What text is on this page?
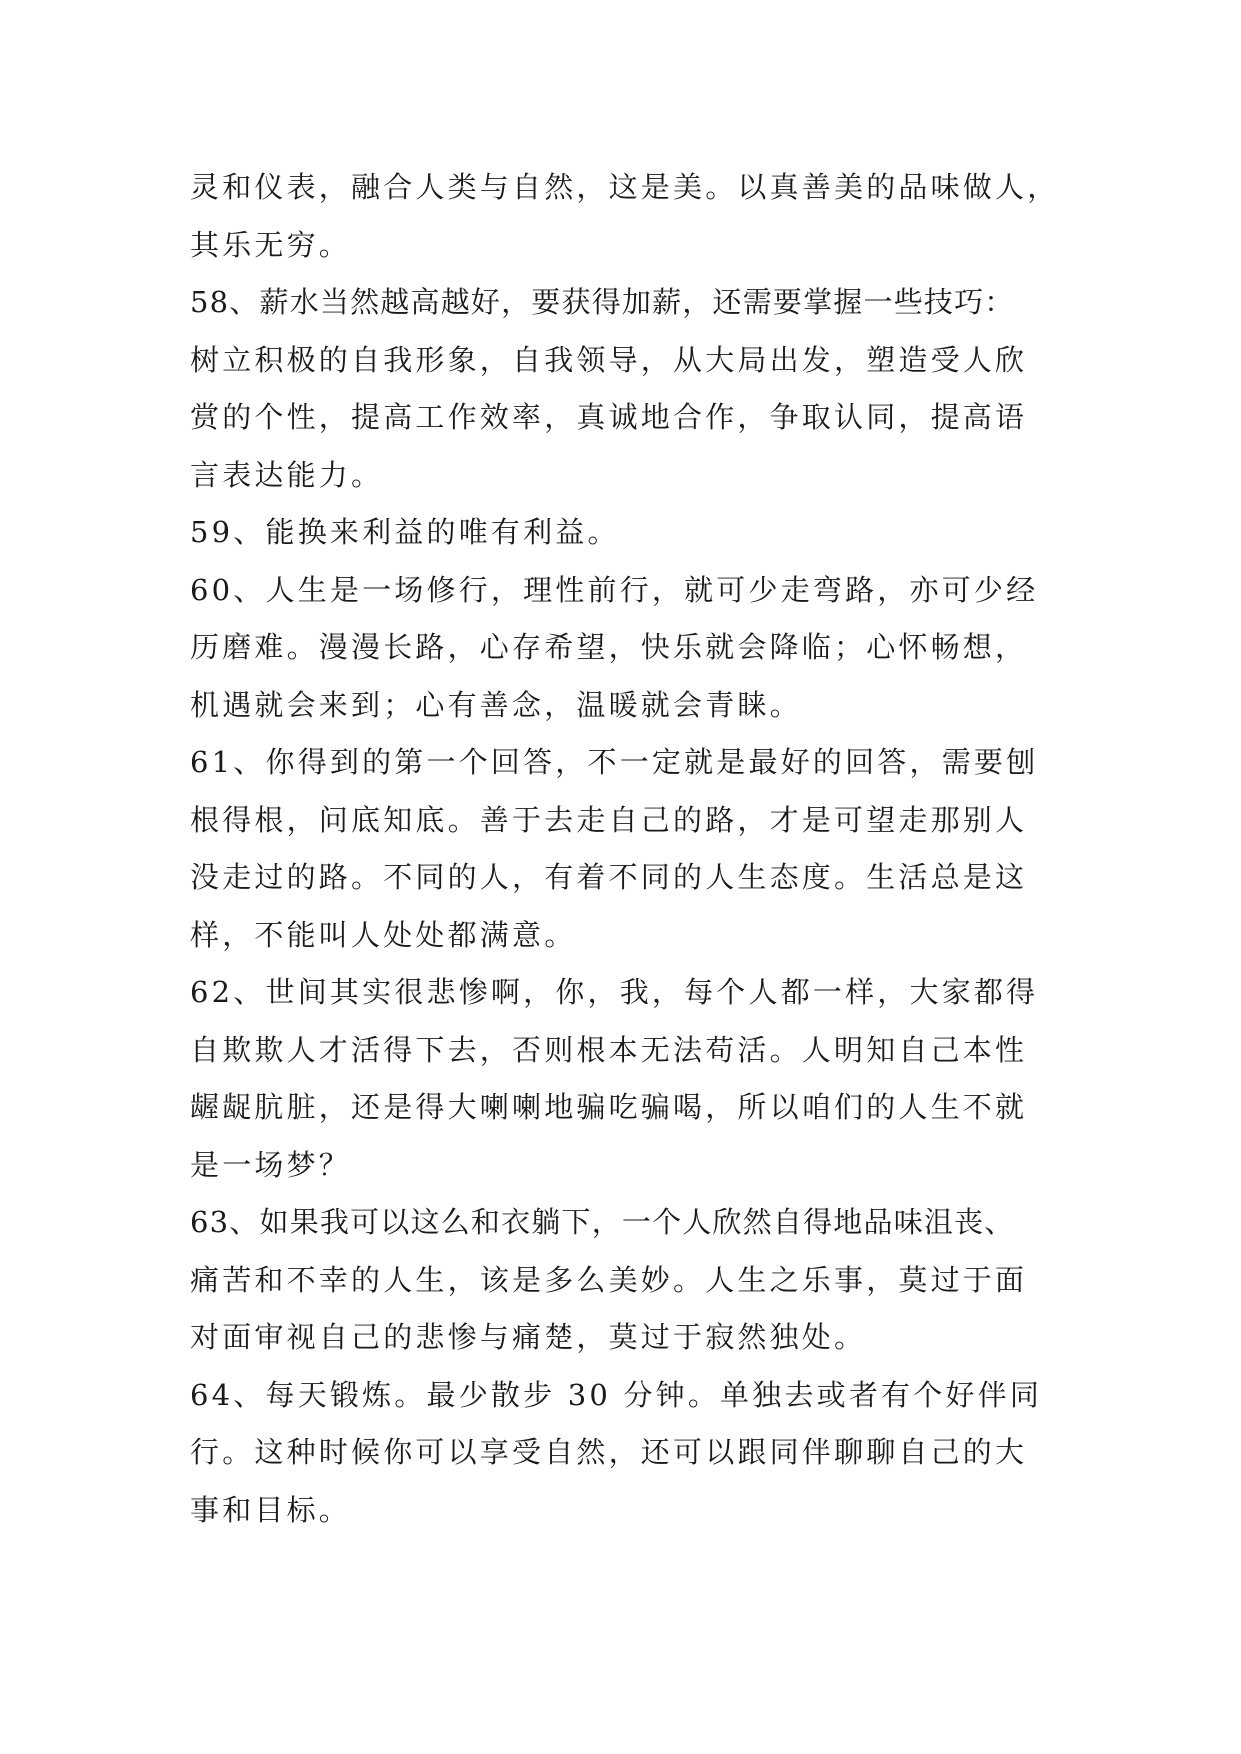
灵和仪表，融合人类与自然，这是美。以真善美的品味做人，
其乐无穷。
58、薪水当然越高越好，要获得加薪，还需要掌握一些技巧：
树立积极的自我形象，自我领导，从大局出发，塑造受人欣
赏的个性，提高工作效率，真诚地合作，争取认同，提高语
言表达能力。
59、能换来利益的唯有利益。
60、人生是一场修行，理性前行，就可少走弯路，亦可少经
历磨难。漫漫长路，心存希望，快乐就会降临；心怀畅想，
机遇就会来到；心有善念，温暖就会青睐。
61、你得到的第一个回答，不一定就是最好的回答，需要刨
根得根，问底知底。善于去走自己的路，才是可望走那别人
没走过的路。不同的人，有着不同的人生态度。生活总是这
样，不能叫人处处都满意。
62、世间其实很悲惨啊，你，我，每个人都一样，大家都得
自欺欺人才活得下去，否则根本无法苟活。人明知自己本性
龌龊肮脏，还是得大喇喇地骗吃骗喝，所以咱们的人生不就
是一场梦？
63、如果我可以这么和衣躺下，一个人欣然自得地品味沮丧、
痛苦和不幸的人生，该是多么美妙。人生之乐事，莫过于面
对面审视自己的悲惨与痛楚，莫过于寂然独处。
64、每天锻炼。最少散步 30 分钟。单独去或者有个好伴同
行。这种时候你可以享受自然，还可以跟同伴聊聊自己的大
事和目标。
